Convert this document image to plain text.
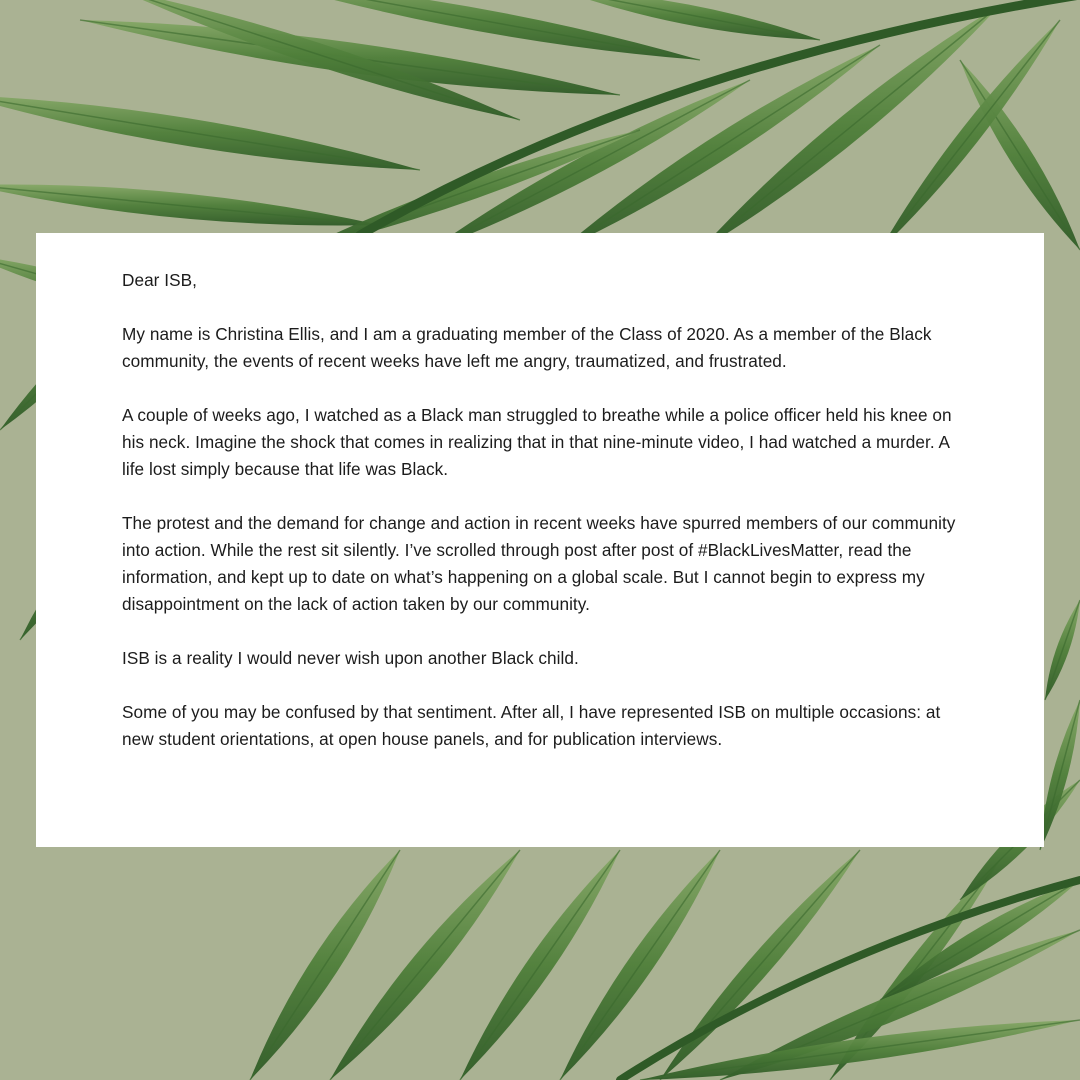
Dear ISB,

My name is Christina Ellis, and I am a graduating member of the Class of 2020. As a member of the Black community, the events of recent weeks have left me angry, traumatized, and frustrated.

A couple of weeks ago, I watched as a Black man struggled to breathe while a police officer held his knee on his neck. Imagine the shock that comes in realizing that in that nine-minute video, I had watched a murder. A life lost simply because that life was Black.

The protest and the demand for change and action in recent weeks have spurred members of our community into action. While the rest sit silently. I’ve scrolled through post after post of #BlackLivesMatter, read the information, and kept up to date on what’s happening on a global scale. But I cannot begin to express my disappointment on the lack of action taken by our community.

ISB is a reality I would never wish upon another Black child.

Some of you may be confused by that sentiment. After all, I have represented ISB on multiple occasions: at new student orientations, at open house panels, and for publication interviews.
